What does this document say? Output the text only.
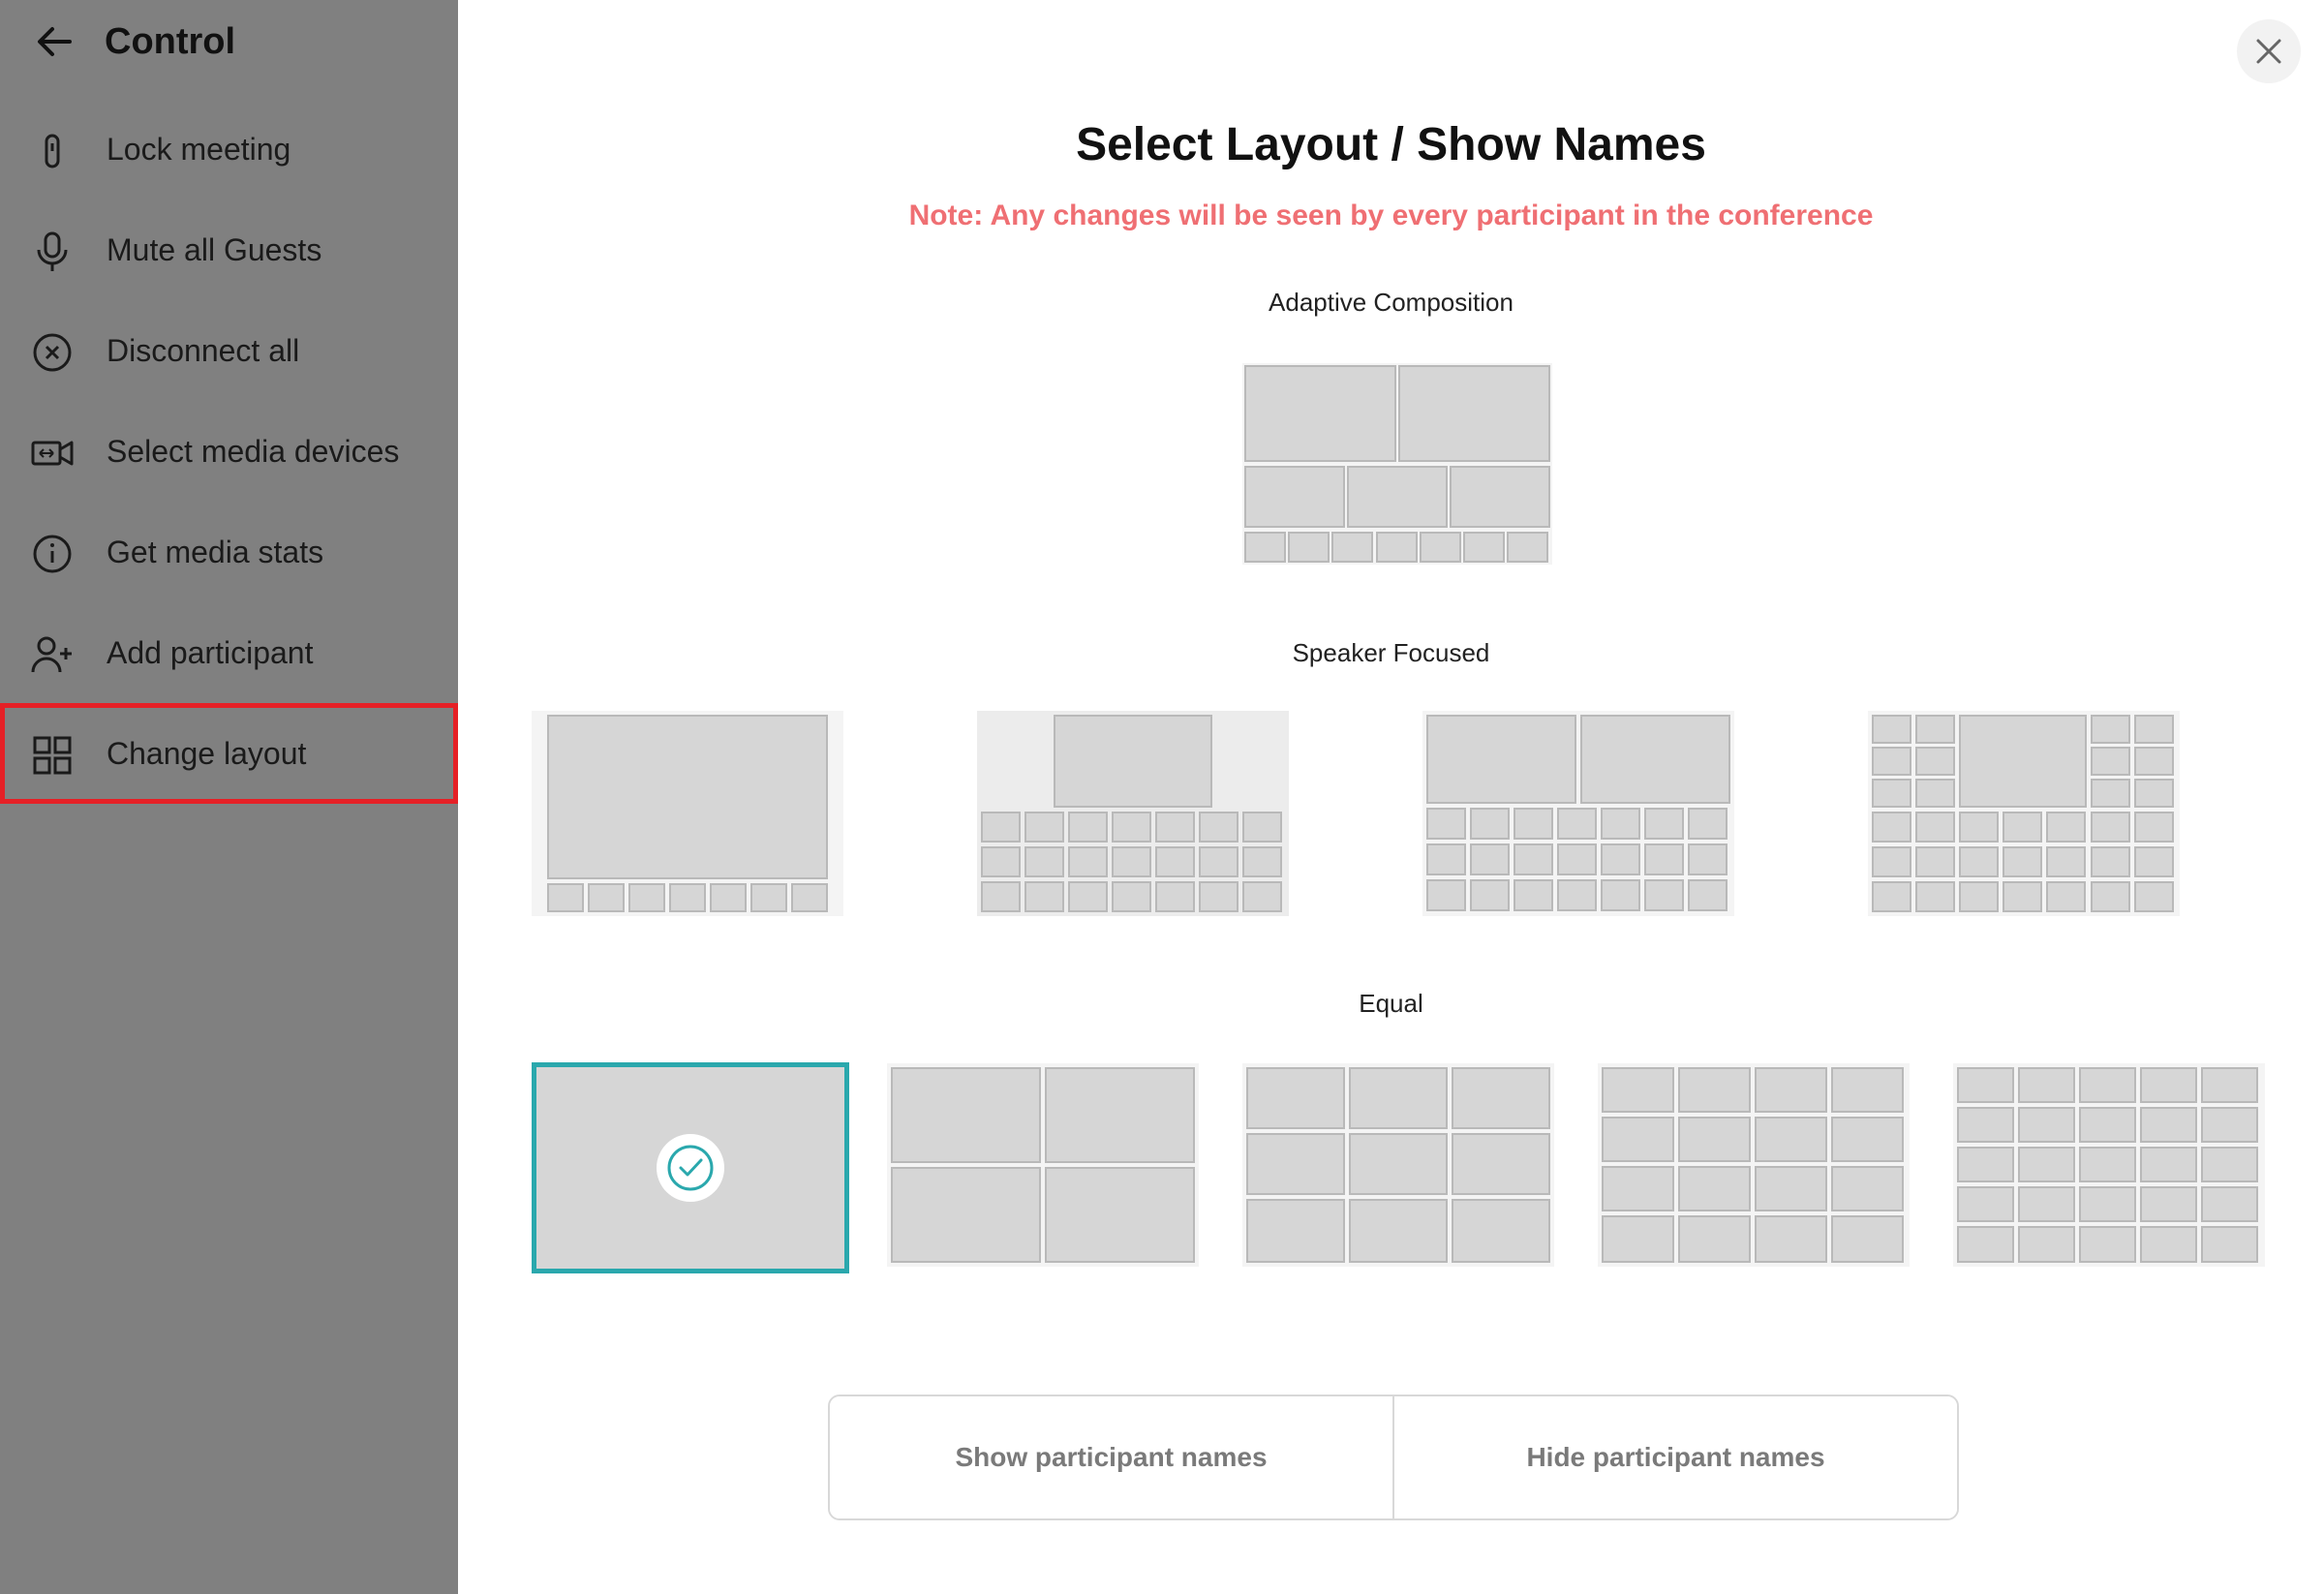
Control
Lock meeting
Mute all Guests
Disconnect all
Select media devices
Get media stats
Add participant
Change layout
Select Layout / Show Names
Note: Any changes will be seen by every participant in the conference
Adaptive Composition
Speaker Focused
Equal
Show participant names	Hide participant names
